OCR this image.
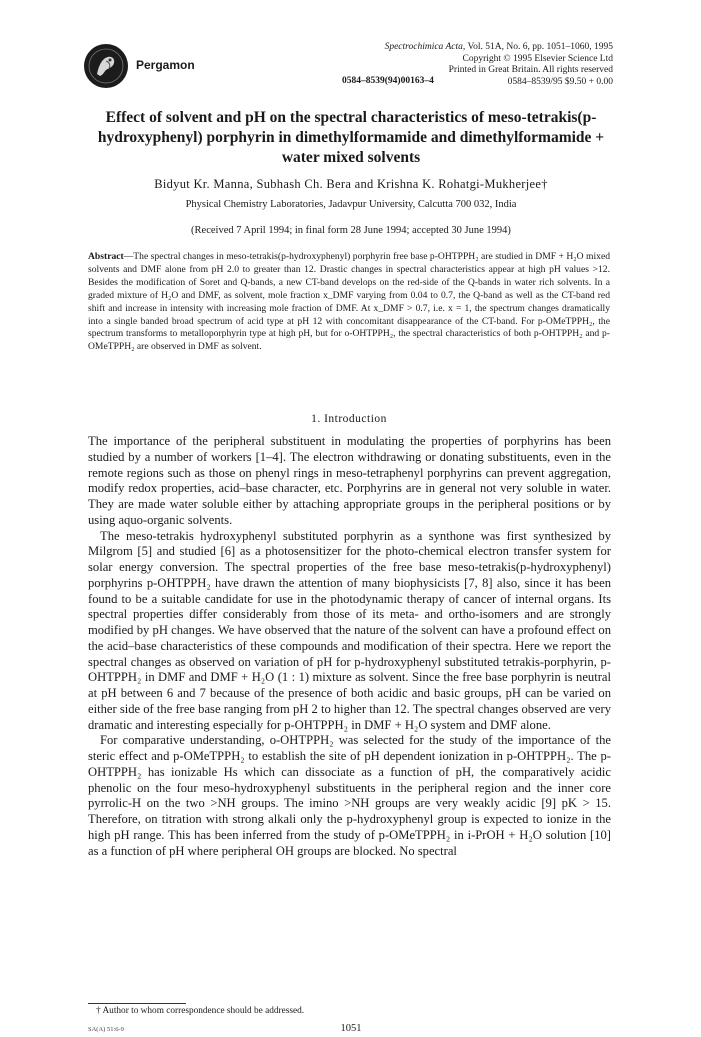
Pergamon
Spectrochimica Acta, Vol. 51A, No. 6, pp. 1051–1060, 1995
Copyright © 1995 Elsevier Science Ltd
Printed in Great Britain. All rights reserved
0584–8539/95 $9.50 + 0.00
0584–8539(94)00163–4
Effect of solvent and pH on the spectral characteristics of meso-tetrakis(p-hydroxyphenyl) porphyrin in dimethylformamide and dimethylformamide + water mixed solvents
Bidyut Kr. Manna, Subhash Ch. Bera and Krishna K. Rohatgi-Mukherjee†
Physical Chemistry Laboratories, Jadavpur University, Calcutta 700 032, India
(Received 7 April 1994; in final form 28 June 1994; accepted 30 June 1994)
Abstract—The spectral changes in meso-tetrakis(p-hydroxyphenyl) porphyrin free base p-OHTPPH₂ are studied in DMF + H₂O mixed solvents and DMF alone from pH 2.0 to greater than 12. Drastic changes in spectral characteristics appear at high pH values >12. Besides the modification of Soret and Q-bands, a new CT-band develops on the red-side of the Q-bands in water rich solvents. In a graded mixture of H₂O and DMF, as solvent, mole fraction x_DMF varying from 0.04 to 0.7, the Q-band as well as the CT-band red shift and increase in intensity with increasing mole fraction of DMF. At x_DMF > 0.7, i.e. x = 1, the spectrum changes dramatically into a single banded broad spectrum of acid type at pH 12 with concomitant disappearance of the CT-band. For p-OMeTPPH₂, the spectrum transforms to metalloporphyrin type at high pH, but for o-OHTPPH₂, the spectral characteristics of both p-OHTPPH₂ and p-OMeTPPH₂ are observed in DMF as solvent.
1. Introduction

The importance of the peripheral substituent in modulating the properties of porphyrins has been studied by a number of workers [1–4]. The electron withdrawing or donating substituents, even in the remote regions such as those on phenyl rings in meso-tetraphenyl porphyrins can prevent aggregation, modify redox properties, acid–base character, etc. Porphyrins are in general not very soluble in water. They are made water soluble either by attaching appropriate groups in the peripheral positions or by using aquo-organic solvents.

The meso-tetrakis hydroxyphenyl substituted porphyrin as a synthone was first synthesized by Milgrom [5] and studied [6] as a photosensitizer for the photo-chemical electron transfer system for solar energy conversion. The spectral properties of the free base meso-tetrakis(p-hydroxyphenyl) porphyrins p-OHTPPH₂ have drawn the attention of many biophysicists [7, 8] also, since it has been found to be a suitable candidate for use in the photodynamic therapy of cancer of internal organs. Its spectral properties differ considerably from those of its meta- and ortho-isomers and are strongly modified by pH changes. We have observed that the nature of the solvent can have a profound effect on the acid–base characteristics of these compounds and modification of their spectra. Here we report the spectral changes as observed on variation of pH for p-hydroxyphenyl substituted tetrakis-porphyrin, p-OHTPPH₂ in DMF and DMF + H₂O (1 : 1) mixture as solvent. Since the free base porphyrin is neutral at pH between 6 and 7 because of the presence of both acidic and basic groups, pH can be varied on either side of the free base ranging from pH 2 to higher than 12. The spectral changes observed are very dramatic and interesting especially for p-OHTPPH₂ in DMF + H₂O system and DMF alone.

For comparative understanding, o-OHTPPH₂ was selected for the study of the importance of the steric effect and p-OMeTPPH₂ to establish the site of pH dependent ionization in p-OHTPPH₂. The p-OHTPPH₂ has ionizable Hs which can dissociate as a function of pH, the comparatively acidic phenolic on the four meso-hydroxyphenyl substituents in the peripheral region and the inner core pyrrolic-H on the two >NH groups. The imino >NH groups are very weakly acidic [9] pK > 15. Therefore, on titration with strong alkali only the p-hydroxyphenyl group is expected to ionize in the high pH range. This has been inferred from the study of p-OMeTPPH₂ in i-PrOH + H₂O solution [10] as a function of pH where peripheral OH groups are blocked. No spectral

† Author to whom correspondence should be addressed.
SA(A) 51:6-9	1051
